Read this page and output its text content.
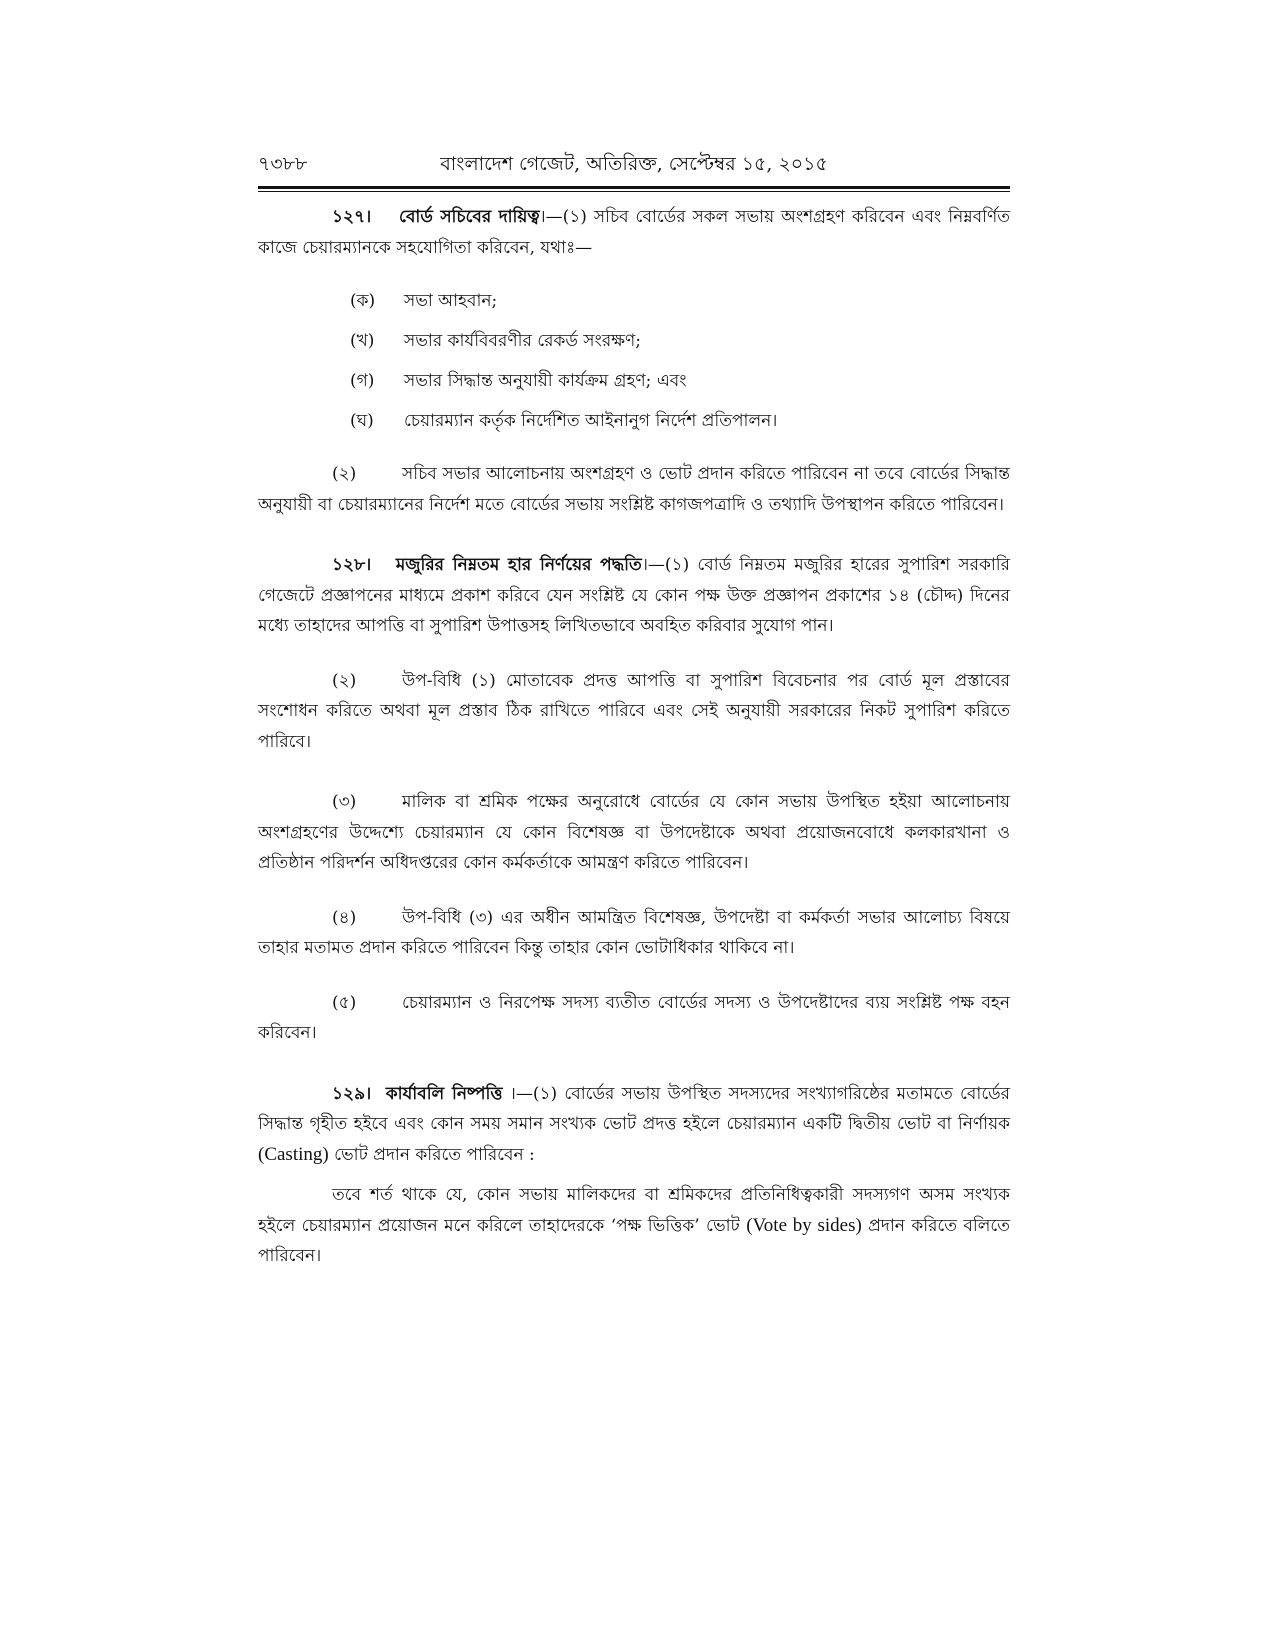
৭৩৮৮	বাংলাদেশ গেজেট, অতিরিক্ত, সেপ্টেম্বর ১৫, ২০১৫

১২৭। বোর্ড সচিবের দায়িত্ব।—(১) সচিব বোর্ডের সকল সভায় অংশগ্রহণ করিবেন এবং নিম্নবর্ণিত কাজে চেয়ারম্যানকে সহযোগিতা করিবেন, যথাঃ—

(ক)	সভা আহবান;
(খ)	সভার কার্যবিবরণীর রেকর্ড সংরক্ষণ;
(গ)	সভার সিদ্ধান্ত অনুযায়ী কার্যক্রম গ্রহণ; এবং
(ঘ)	চেয়ারম্যান কর্তৃক নির্দেশিত আইনানুগ নির্দেশ প্রতিপালন।

(২)	সচিব সভার আলোচনায় অংশগ্রহণ ও ভোট প্রদান করিতে পারিবেন না তবে বোর্ডের সিদ্ধান্ত অনুযায়ী বা চেয়ারম্যানের নির্দেশ মতে বোর্ডের সভায় সংশ্লিষ্ট কাগজপত্রাদি ও তথ্যাদি উপস্থাপন করিতে পারিবেন।

১২৮। মজুরির নিম্নতম হার নির্ণয়ের পদ্ধতি।—(১) বোর্ড নিম্নতম মজুরির হারের সুপারিশ সরকারি গেজেটে প্রজ্ঞাপনের মাধ্যমে প্রকাশ করিবে যেন সংশ্লিষ্ট যে কোন পক্ষ উক্ত প্রজ্ঞাপন প্রকাশের ১৪ (চৌদ্দ) দিনের মধ্যে তাহাদের আপত্তি বা সুপারিশ উপাত্তসহ লিখিতভাবে অবহিত করিবার সুযোগ পান।

(২)	উপ-বিধি (১) মোতাবেক প্রদত্ত আপত্তি বা সুপারিশ বিবেচনার পর বোর্ড মূল প্রস্তাবের সংশোধন করিতে অথবা মূল প্রস্তাব ঠিক রাখিতে পারিবে এবং সেই অনুযায়ী সরকারের নিকট সুপারিশ করিতে পারিবে।

(৩)	মালিক বা শ্রমিক পক্ষের অনুরোধে বোর্ডের যে কোন সভায় উপস্থিত হইয়া আলোচনায় অংশগ্রহণের উদ্দেশ্যে চেয়ারম্যান যে কোন বিশেষজ্ঞ বা উপদেষ্টাকে অথবা প্রয়োজনবোধে কলকারখানা ও প্রতিষ্ঠান পরিদর্শন অধিদপ্তরের কোন কর্মকর্তাকে আমন্ত্রণ করিতে পারিবেন।

(৪)	উপ-বিধি (৩) এর অধীন আমন্ত্রিত বিশেষজ্ঞ, উপদেষ্টা বা কর্মকর্তা সভার আলোচ্য বিষয়ে তাহার মতামত প্রদান করিতে পারিবেন কিন্তু তাহার কোন ভোটাধিকার থাকিবে না।

(৫)	চেয়ারম্যান ও নিরপেক্ষ সদস্য ব্যতীত বোর্ডের সদস্য ও উপদেষ্টাদের ব্যয় সংশ্লিষ্ট পক্ষ বহন করিবেন।

১২৯। কার্যাবলি নিষ্পত্তি ।—(১) বোর্ডের সভায় উপস্থিত সদস্যদের সংখ্যাগরিষ্ঠের মতামতে বোর্ডের সিদ্ধান্ত গৃহীত হইবে এবং কোন সময় সমান সংখ্যক ভোট প্রদত্ত হইলে চেয়ারম্যান একটি দ্বিতীয় ভোট বা নির্ণায়ক (Casting) ভোট প্রদান করিতে পারিবেন :

তবে শর্ত থাকে যে, কোন সভায় মালিকদের বা শ্রমিকদের প্রতিনিধিত্বকারী সদস্যগণ অসম সংখ্যক হইলে চেয়ারম্যান প্রয়োজন মনে করিলে তাহাদেরকে ‘পক্ষ ভিত্তিক’ ভোট (Vote by sides) প্রদান করিতে বলিতে পারিবেন।
